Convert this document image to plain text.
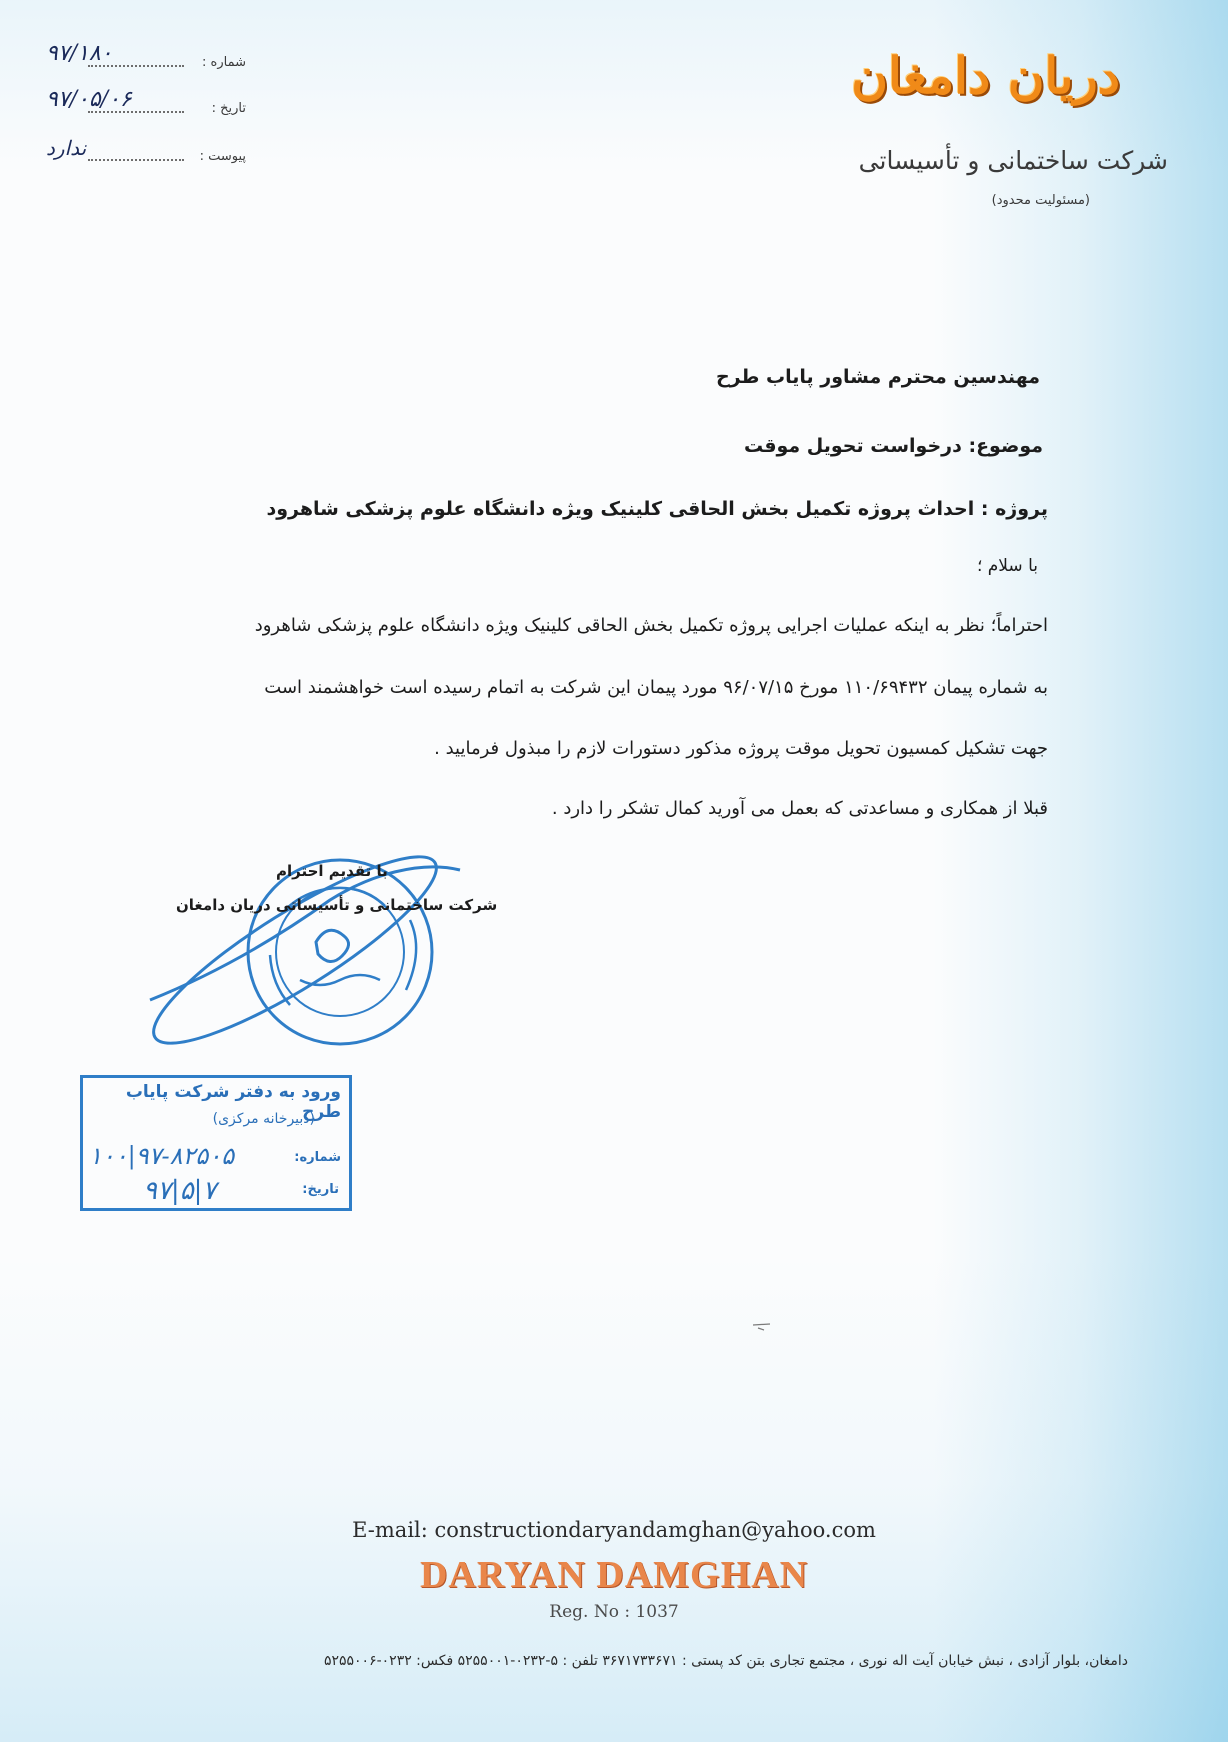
شماره :
۹۷/۱۸۰
تاریخ :
۹۷/۰۵/۰۶
پیوست :
ندارد
دریان دامغان
شرکت ساختمانی و تأسیساتی
(مسئولیت محدود)
مهندسین محترم مشاور پایاب طرح
موضوع: درخواست تحویل موقت
پروژه : احداث پروژه تکمیل بخش الحاقی کلینیک ویژه دانشگاه علوم پزشکی شاهرود
با سلام ؛
احتراماً؛ نظر به اینکه عملیات اجرایی پروژه تکمیل بخش الحاقی کلینیک ویژه دانشگاه علوم پزشکی شاهرود
به شماره پیمان ۱۱۰/۶۹۴۳۲ مورخ ۹۶/۰۷/۱۵ مورد پیمان این شرکت به اتمام رسیده است خواهشمند است
جهت تشکیل کمسیون تحویل موقت پروژه مذکور دستورات لازم را مبذول فرمایید .
قبلا از همکاری و مساعدتی که بعمل می آورید کمال تشکر را دارد .
با تقدیم احترام
شرکت ساختمانی و تأسیساتی دریان دامغان
ورود به دفتر شرکت پایاب طرح
(دبیرخانه مرکزی)
شماره:
۱۰۰|۹۷-۸۲۵۰۵
تاریخ:
۹۷|۵|۷
E-mail: constructiondaryandamghan@yahoo.com
DARYAN DAMGHAN
Reg. No : 1037
دامغان، بلوار آزادی ، نبش خیابان آیت اله نوری ، مجتمع تجاری بتن کد پستی : ۳۶۷۱۷۳۳۶۷۱ تلفن : ۵-۰۲۳۲-۵۲۵۵۰۰۱ فکس: ۰۲۳۲-۵۲۵۵۰۰۶
